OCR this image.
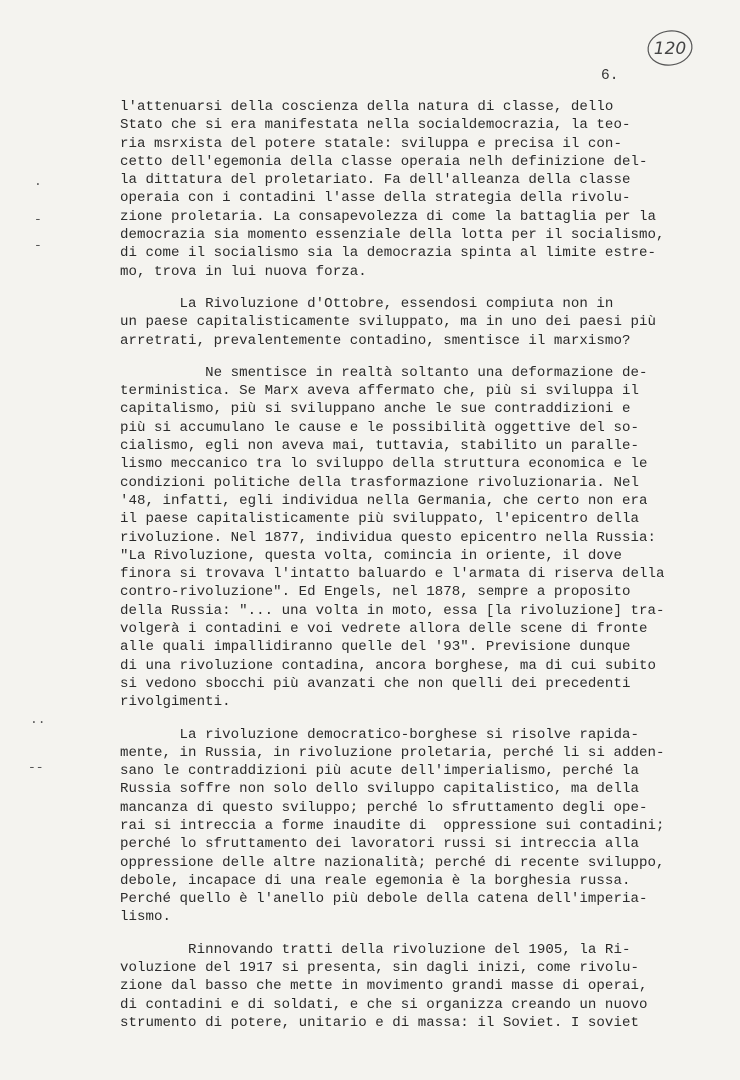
120
6.
.
-
-
..
--
l'attenuarsi della coscienza della natura di classe, dello
Stato che si era manifestata nella socialdemocrazia, la teo-
ria msrxista del potere statale: sviluppa e precisa il con-
cetto dell'egemonia della classe operaia nelh definizione del-
la dittatura del proletariato. Fa dell'alleanza della classe
operaia con i contadini l'asse della strategia della rivolu-
zione proletaria. La consapevolezza di come la battaglia per la
democrazia sia momento essenziale della lotta per il socialismo,
di come il socialismo sia la democrazia spinta al limite estre-
mo, trova in lui nuova forza.
La Rivoluzione d'Ottobre, essendosi compiuta non in
un paese capitalisticamente sviluppato, ma in uno dei paesi più
arretrati, prevalentemente contadino, smentisce il marxismo?
Ne smentisce in realtà soltanto una deformazione de-
terministica. Se Marx aveva affermato che, più si sviluppa il
capitalismo, più si sviluppano anche le sue contraddizioni e
più si accumulano le cause e le possibilità oggettive del so-
cialismo, egli non aveva mai, tuttavia, stabilito un paralle-
lismo meccanico tra lo sviluppo della struttura economica e le
condizioni politiche della trasformazione rivoluzionaria. Nel
'48, infatti, egli individua nella Germania, che certo non era
il paese capitalisticamente più sviluppato, l'epicentro della
rivoluzione. Nel 1877, individua questo epicentro nella Russia:
"La Rivoluzione, questa volta, comincia in oriente, il dove
finora si trovava l'intatto baluardo e l'armata di riserva della
contro-rivoluzione". Ed Engels, nel 1878, sempre a proposito
della Russia: "... una volta in moto, essa [la rivoluzione] tra-
volgerà i contadini e voi vedrete allora delle scene di fronte
alle quali impallidiranno quelle del '93". Previsione dunque
di una rivoluzione contadina, ancora borghese, ma di cui subito
si vedono sbocchi più avanzati che non quelli dei precedenti
rivolgimenti.
La rivoluzione democratico-borghese si risolve rapida-
mente, in Russia, in rivoluzione proletaria, perché li si adden-
sano le contraddizioni più acute dell'imperialismo, perché la
Russia soffre non solo dello sviluppo capitalistico, ma della
mancanza di questo sviluppo; perché lo sfruttamento degli ope-
rai si intreccia a forme inaudite di  oppressione sui contadini;
perché lo sfruttamento dei lavoratori russi si intreccia alla
oppressione delle altre nazionalità; perché di recente sviluppo,
debole, incapace di una reale egemonia è la borghesia russa.
Perché quello è l'anello più debole della catena dell'imperia-
lismo.
Rinnovando tratti della rivoluzione del 1905, la Ri-
voluzione del 1917 si presenta, sin dagli inizi, come rivolu-
zione dal basso che mette in movimento grandi masse di operai,
di contadini e di soldati, e che si organizza creando un nuovo
strumento di potere, unitario e di massa: il Soviet. I soviet
